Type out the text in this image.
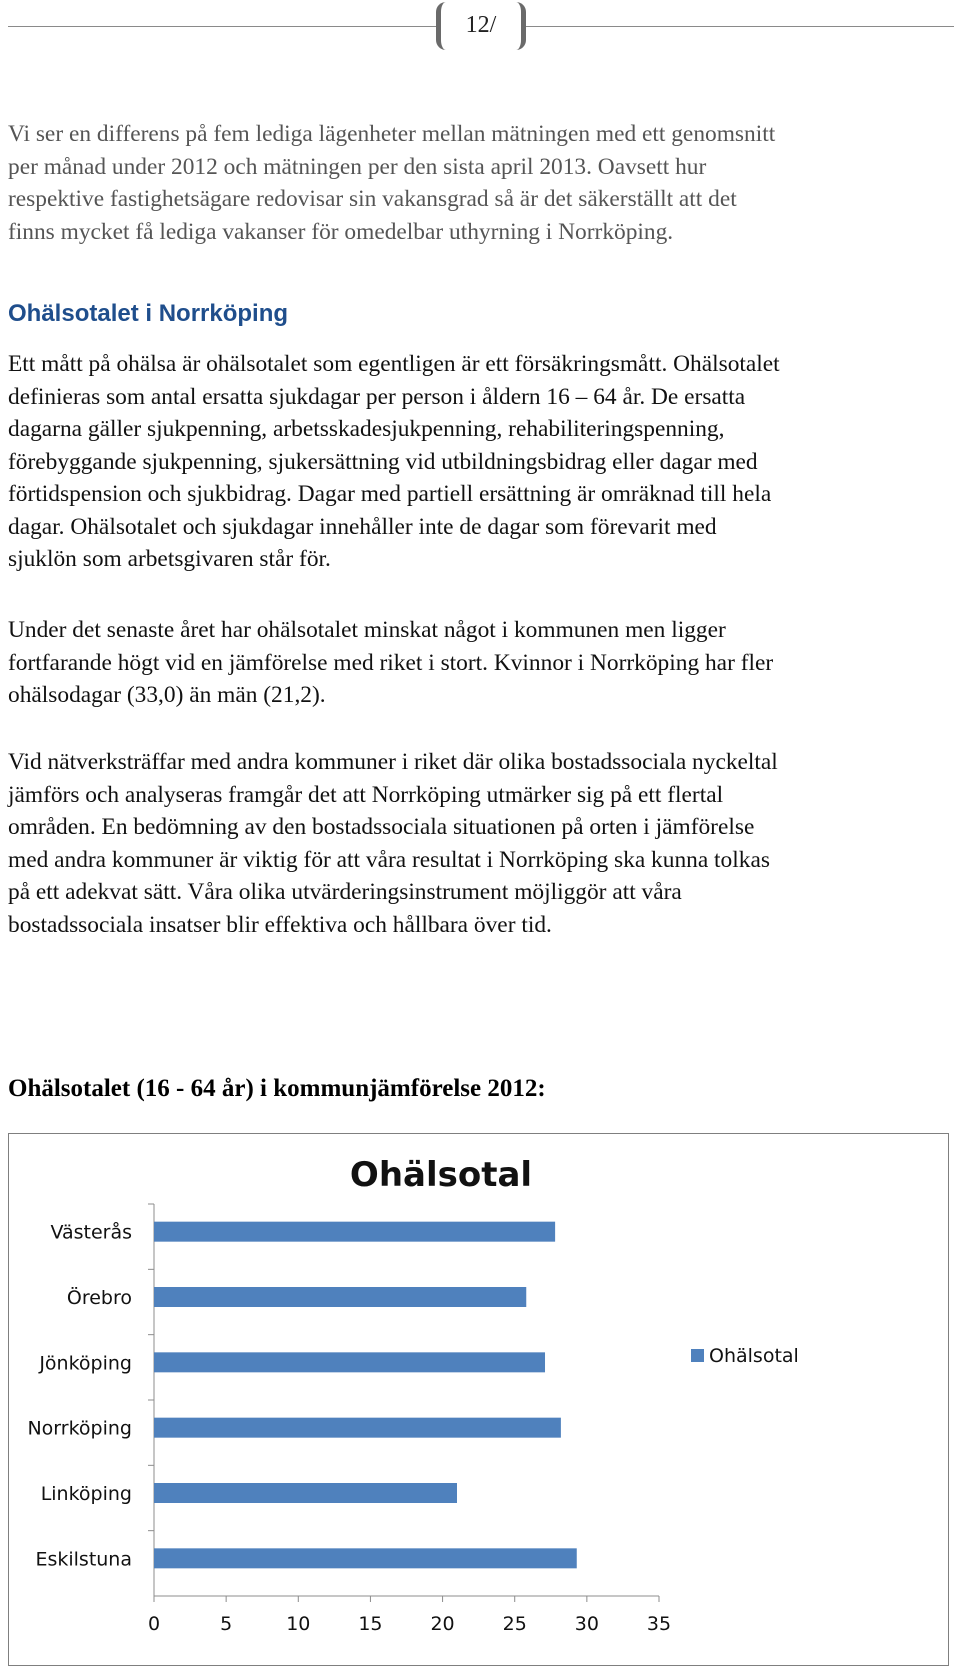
12/

Vi ser en differens på fem lediga lägenheter mellan mätningen med ett genomsnitt
per månad under 2012 och mätningen per den sista april 2013. Oavsett hur
respektive fastighetsägare redovisar sin vakansgrad så är det säkerställt att det
finns mycket få lediga vakanser för omedelbar uthyrning i Norrköping.

Ohälsotalet i Norrköping

Ett mått på ohälsa är ohälsotalet som egentligen är ett försäkringsmått. Ohälsotalet
definieras som antal ersatta sjukdagar per person i åldern 16 – 64 år. De ersatta
dagarna gäller sjukpenning, arbetsskadesjukpenning, rehabiliteringspenning,
förebyggande sjukpenning, sjukersättning vid utbildningsbidrag eller dagar med
förtidspension och sjukbidrag. Dagar med partiell ersättning är omräknad till hela
dagar. Ohälsotalet och sjukdagar innehåller inte de dagar som förevarit med
sjuklön som arbetsgivaren står för.

Under det senaste året har ohälsotalet minskat något i kommunen men ligger
fortfarande högt vid en jämförelse med riket i stort. Kvinnor i Norrköping har fler
ohälsodagar (33,0) än män (21,2).

Vid nätverksträffar med andra kommuner i riket där olika bostadssociala nyckeltal
jämförs och analyseras framgår det att Norrköping utmärker sig på ett flertal
områden. En bedömning av den bostadssociala situationen på orten i jämförelse
med andra kommuner är viktig för att våra resultat i Norrköping ska kunna tolkas
på ett adekvat sätt. Våra olika utvärderingsinstrument möjliggör att våra
bostadssociala insatser blir effektiva och hållbara över tid.

Ohälsotalet (16 - 64 år) i kommunjämförelse 2012:
Ohälsotal
0	5	10	15	20	25	30	35
Västerås
Örebro
Jönköping
Norrköping
Linköping
Eskilstuna
Ohälsotal
